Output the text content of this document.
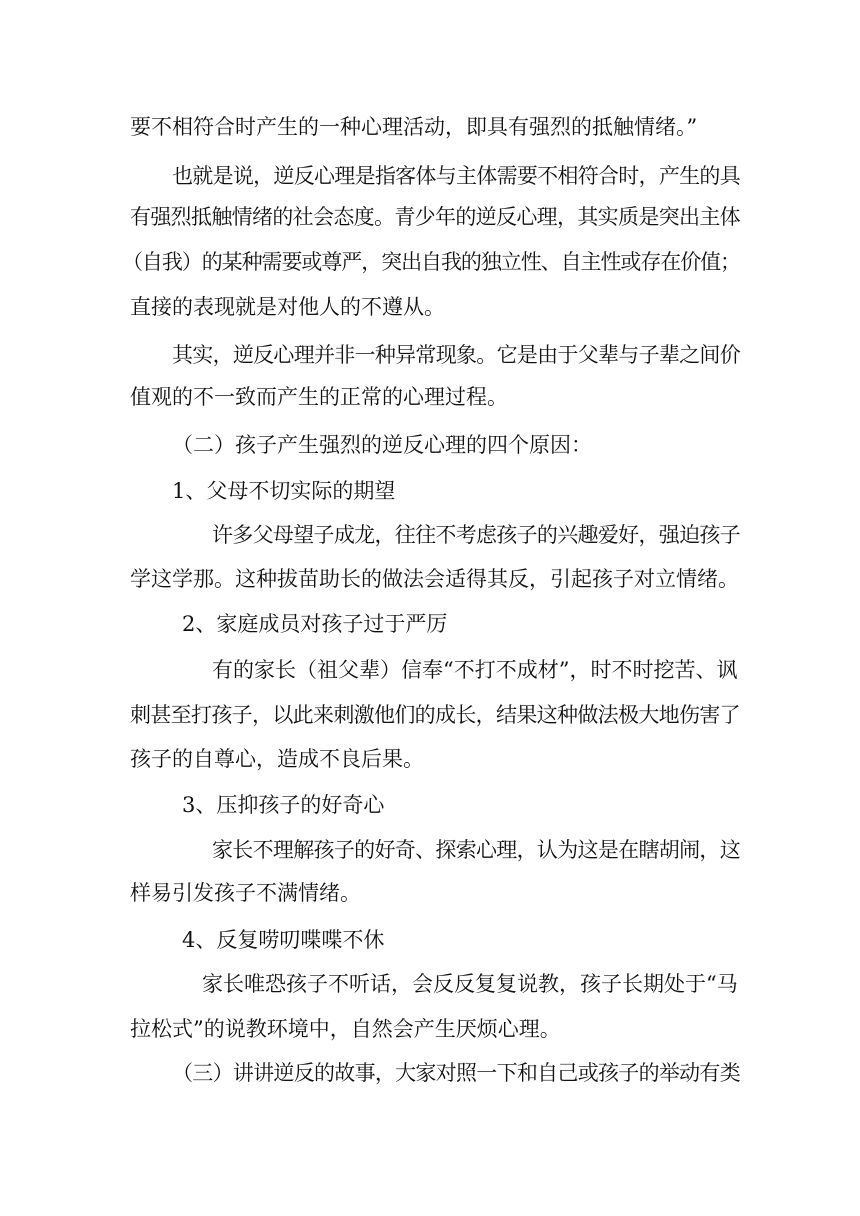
要不相符合时产生的一种心理活动，即具有强烈的抵触情绪。”
也就是说，逆反心理是指客体与主体需要不相符合时，产生的具
有强烈抵触情绪的社会态度。青少年的逆反心理，其实质是突出主体
（自我）的某种需要或尊严，突出自我的独立性、自主性或存在价值；
直接的表现就是对他人的不遵从。
其实，逆反心理并非一种异常现象。它是由于父辈与子辈之间价
值观的不一致而产生的正常的心理过程。
（二）孩子产生强烈的逆反心理的四个原因：
1、父母不切实际的期望
许多父母望子成龙，往往不考虑孩子的兴趣爱好，强迫孩子
学这学那。这种拔苗助长的做法会适得其反，引起孩子对立情绪。
2、家庭成员对孩子过于严厉
有的家长（祖父辈）信奉“不打不成材”，时不时挖苦、讽
刺甚至打孩子，以此来刺激他们的成长，结果这种做法极大地伤害了
孩子的自尊心，造成不良后果。
3、压抑孩子的好奇心
家长不理解孩子的好奇、探索心理，认为这是在瞎胡闹，这
样易引发孩子不满情绪。
4、反复唠叨喋喋不休
家长唯恐孩子不听话，会反反复复说教，孩子长期处于“马
拉松式”的说教环境中，自然会产生厌烦心理。
（三）讲讲逆反的故事，大家对照一下和自己或孩子的举动有类
